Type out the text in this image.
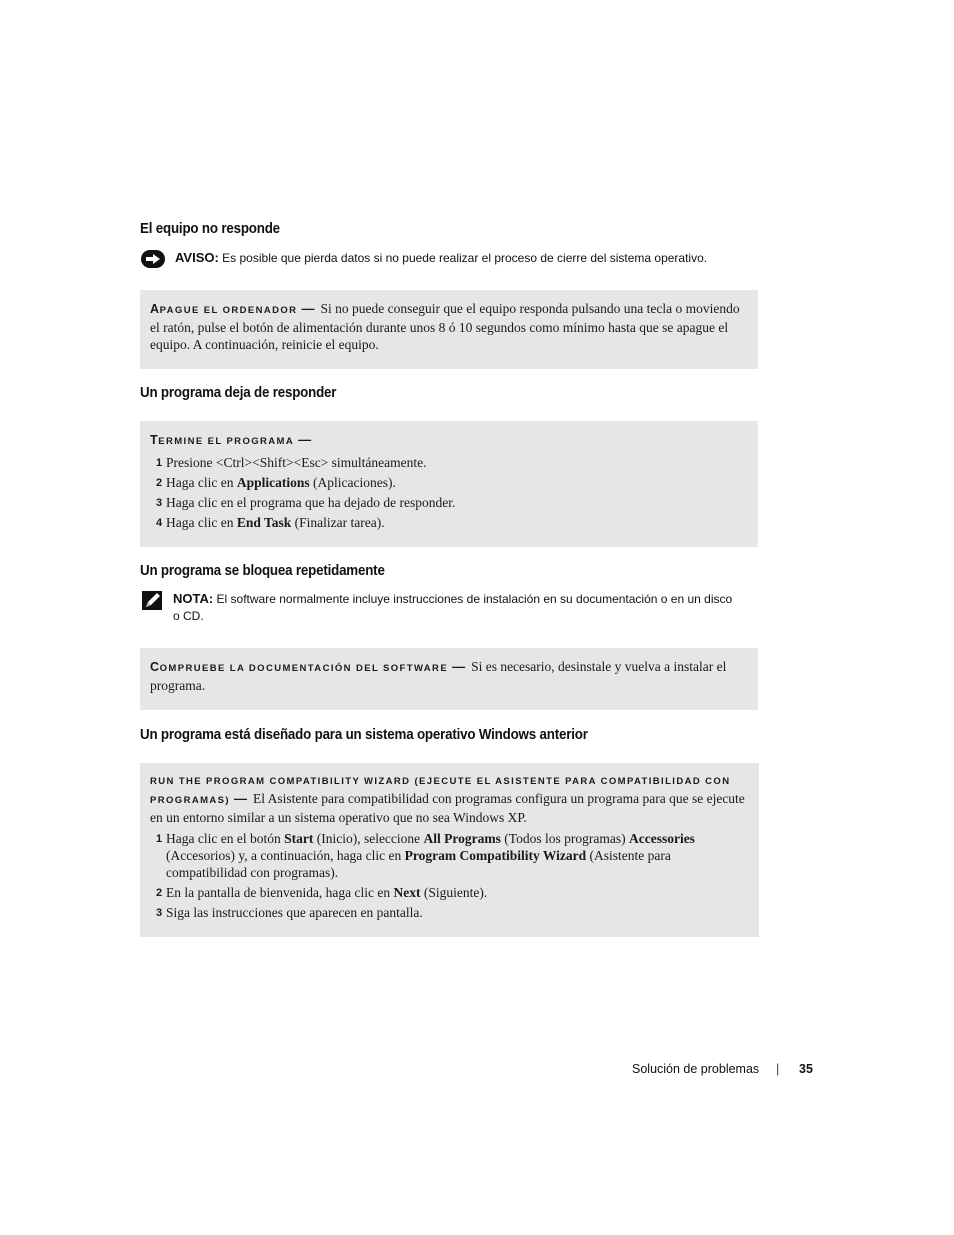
El equipo no responde
AVISO: Es posible que pierda datos si no puede realizar el proceso de cierre del sistema operativo.
APAGUE EL ORDENADOR — Si no puede conseguir que el equipo responda pulsando una tecla o moviendo el ratón, pulse el botón de alimentación durante unos 8 ó 10 segundos como mínimo hasta que se apague el equipo. A continuación, reinicie el equipo.
Un programa deja de responder
TERMINE EL PROGRAMA —
1 Presione <Ctrl><Shift><Esc> simultáneamente.
2 Haga clic en Applications (Aplicaciones).
3 Haga clic en el programa que ha dejado de responder.
4 Haga clic en End Task (Finalizar tarea).
Un programa se bloquea repetidamente
NOTA: El software normalmente incluye instrucciones de instalación en su documentación o en un disco o CD.
COMPRUEBE LA DOCUMENTACIÓN DEL SOFTWARE — Si es necesario, desinstale y vuelva a instalar el programa.
Un programa está diseñado para un sistema operativo Windows anterior
RUN THE PROGRAM COMPATIBILITY WIZARD (EJECUTE EL ASISTENTE PARA COMPATIBILIDAD CON
PROGRAMAS) — El Asistente para compatibilidad con programas configura un programa para que se ejecute en un entorno similar a un sistema operativo que no sea Windows XP.
1 Haga clic en el botón Start (Inicio), seleccione All Programs (Todos los programas) Accessories (Accesorios) y, a continuación, haga clic en Program Compatibility Wizard (Asistente para compatibilidad con programas).
2 En la pantalla de bienvenida, haga clic en Next (Siguiente).
3 Siga las instrucciones que aparecen en pantalla.
Solución de problemas | 35
